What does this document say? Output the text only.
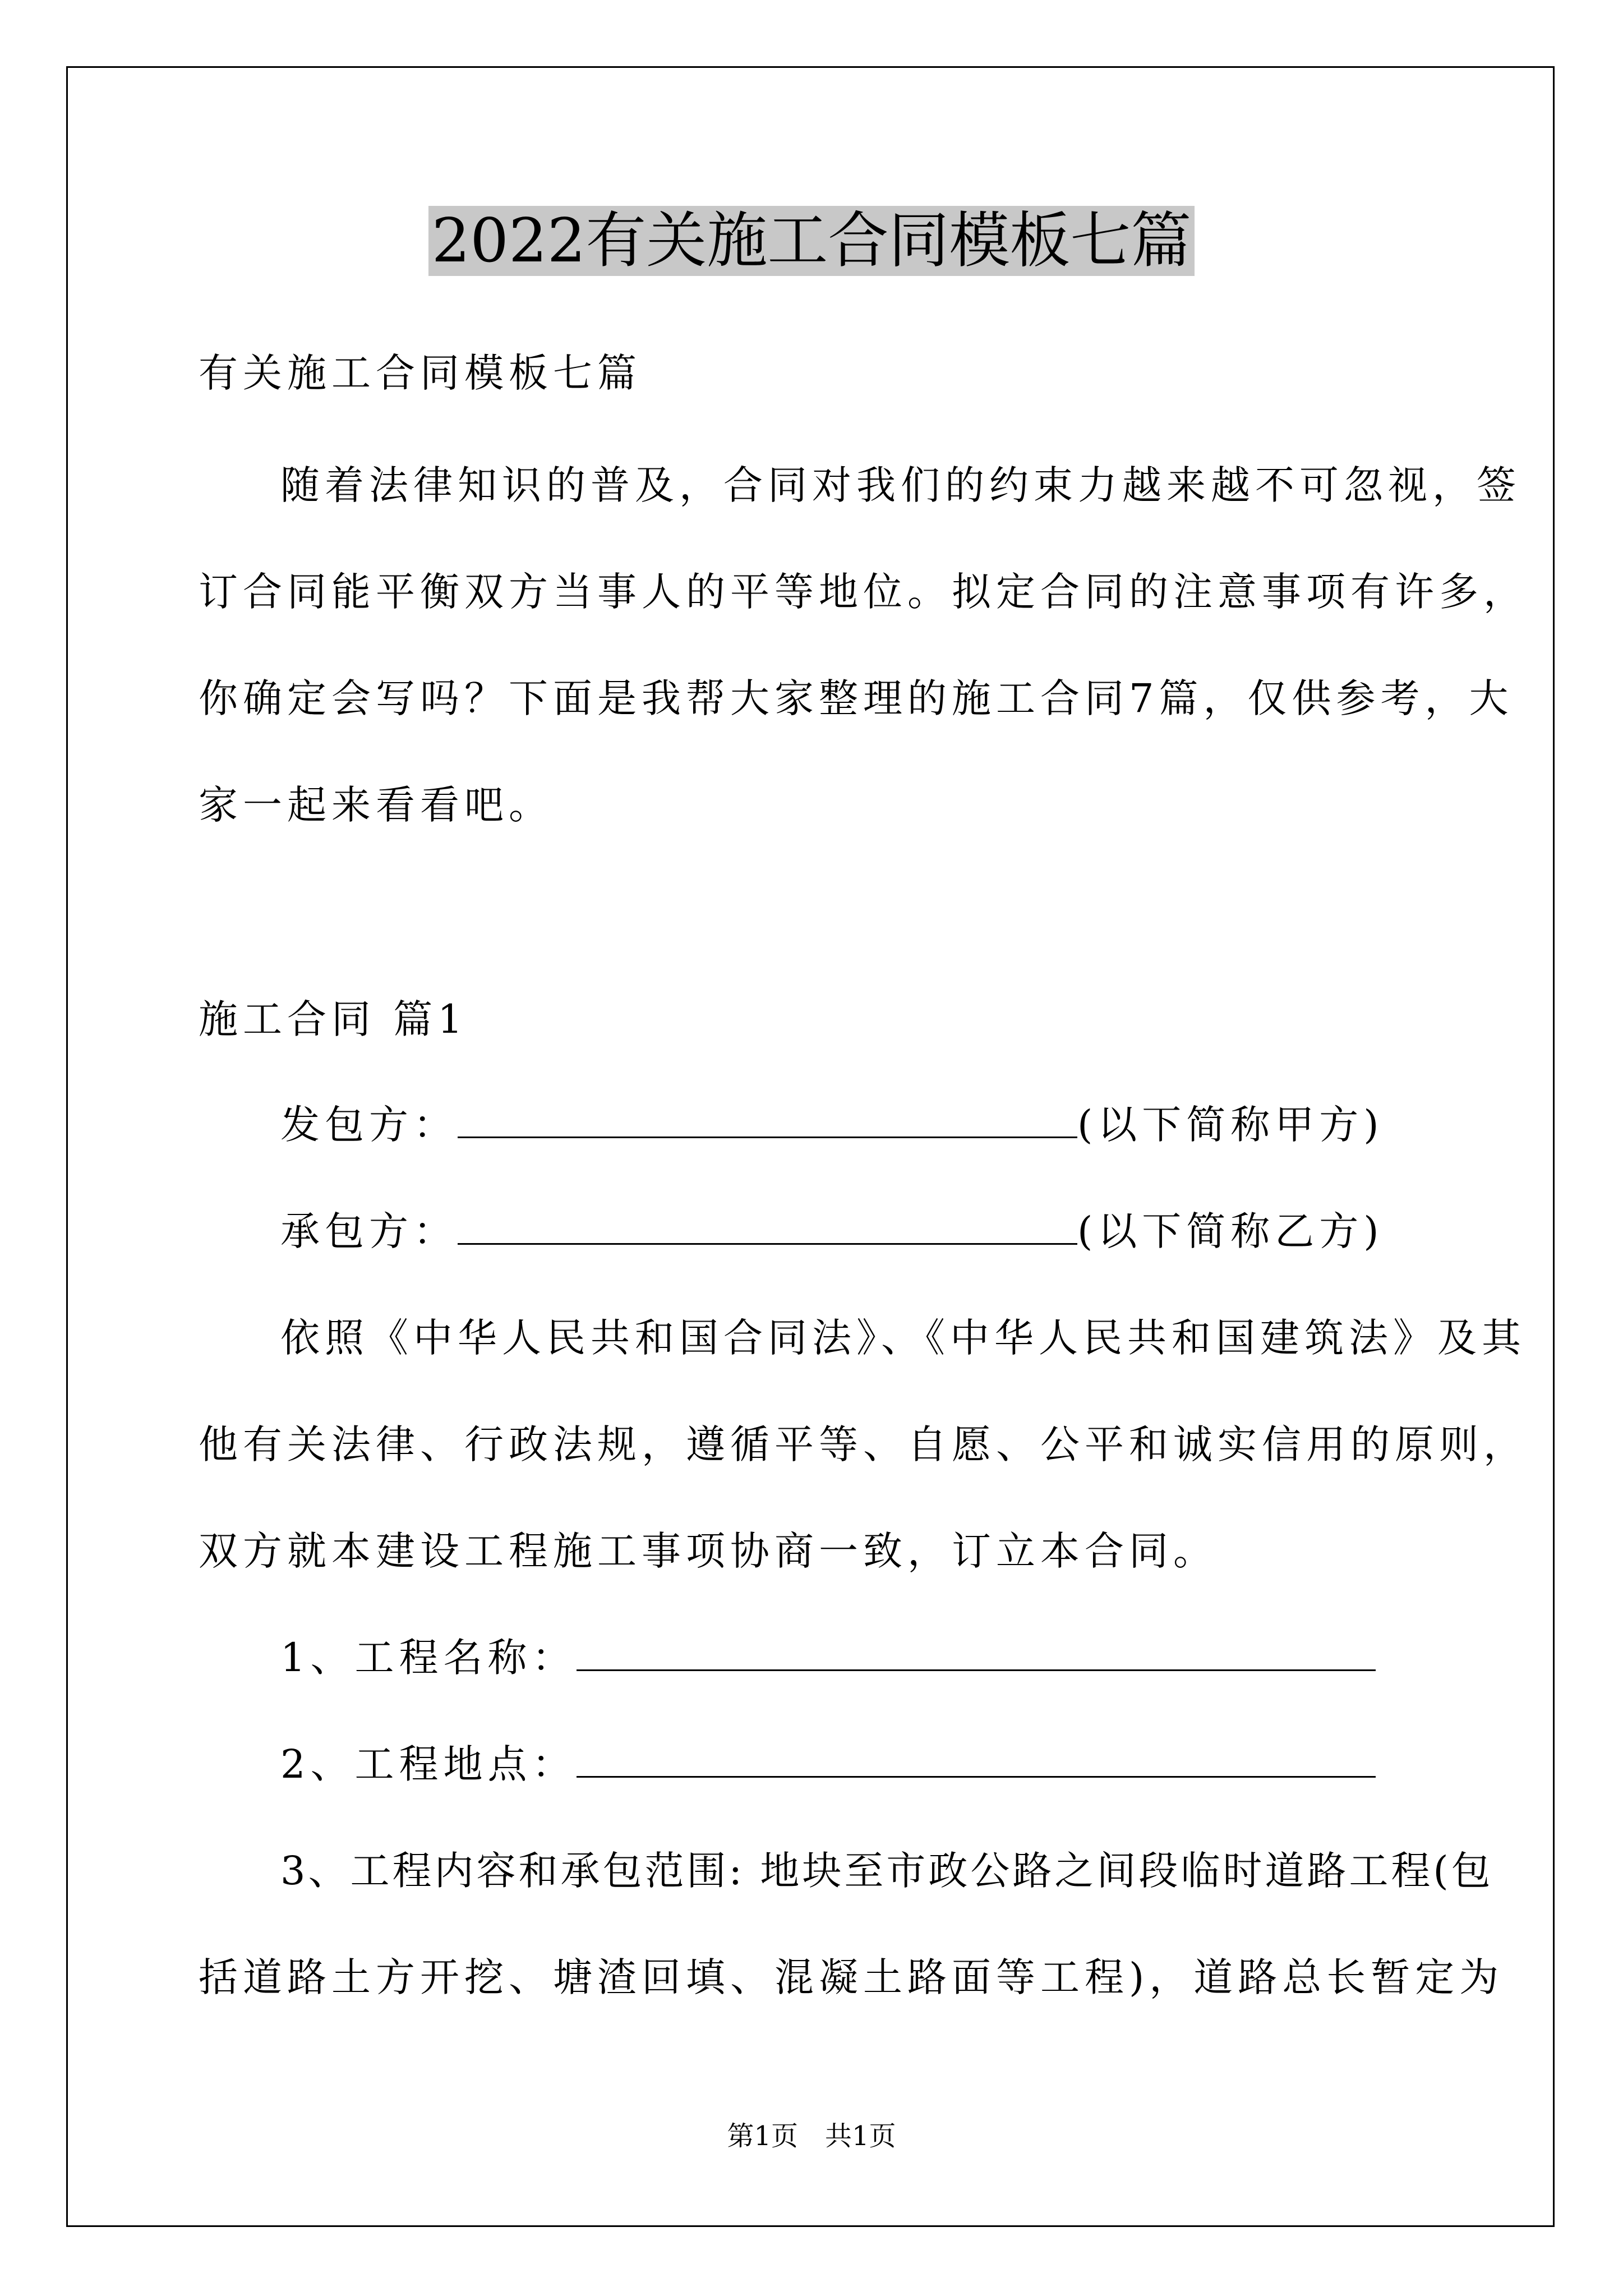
2022有关施工合同模板七篇
有关施工合同模板七篇
随着法律知识的普及，合同对我们的约束力越来越不可忽视，签
订合同能平衡双方当事人的平等地位。拟定合同的注意事项有许多，
你确定会写吗？下面是我帮大家整理的施工合同7篇，仅供参考，大
家一起来看看吧。
施工合同 篇1
发包方：	(以下简称甲方)
承包方：	(以下简称乙方)
依照《中华人民共和国合同法》、《中华人民共和国建筑法》及其
他有关法律、行政法规，遵循平等、自愿、公平和诚实信用的原则，
双方就本建设工程施工事项协商一致，订立本合同。
1、工程名称：
2、工程地点：
3、工程内容和承包范围: 地块至市政公路之间段临时道路工程(包
括道路土方开挖、塘渣回填、混凝土路面等工程)，道路总长暂定为
第1页　共1页
